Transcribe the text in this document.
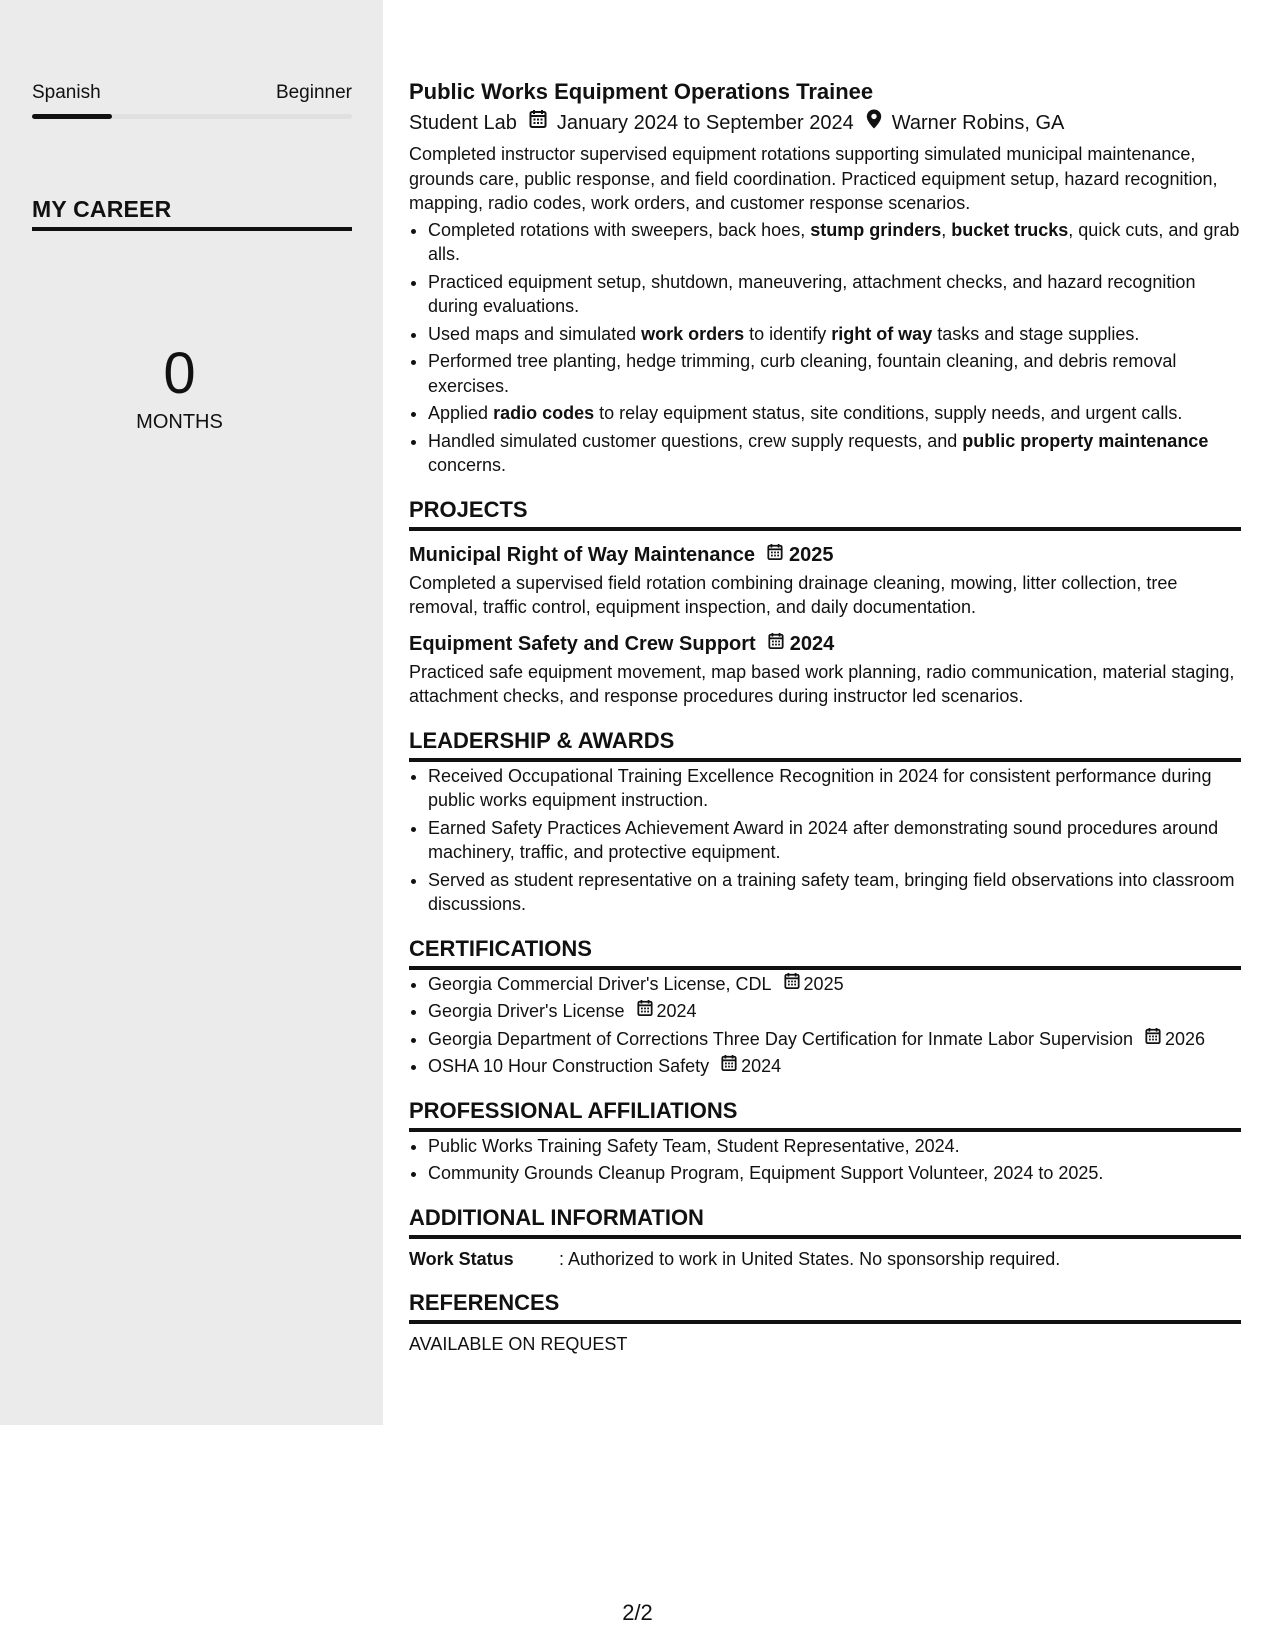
Spanish	Beginner
MY CAREER
0
MONTHS
Public Works Equipment Operations Trainee
Student Lab January 2024 to September 2024 Warner Robins, GA

Completed instructor supervised equipment rotations supporting simulated municipal maintenance, grounds care, public response, and field coordination. Practiced equipment setup, hazard recognition, mapping, radio codes, work orders, and customer response scenarios.

• Completed rotations with sweepers, back hoes, stump grinders, bucket trucks, quick cuts, and grab alls.
• Practiced equipment setup, shutdown, maneuvering, attachment checks, and hazard recognition during evaluations.
• Used maps and simulated work orders to identify right of way tasks and stage supplies.
• Performed tree planting, hedge trimming, curb cleaning, fountain cleaning, and debris removal exercises.
• Applied radio codes to relay equipment status, site conditions, supply needs, and urgent calls.
• Handled simulated customer questions, crew supply requests, and public property maintenance concerns.
PROJECTS
Municipal Right of Way Maintenance 2025

Completed a supervised field rotation combining drainage cleaning, mowing, litter collection, tree removal, traffic control, equipment inspection, and daily documentation.

Equipment Safety and Crew Support 2024

Practiced safe equipment movement, map based work planning, radio communication, material staging, attachment checks, and response procedures during instructor led scenarios.

LEADERSHIP & AWARDS
• Received Occupational Training Excellence Recognition in 2024 for consistent performance during public works equipment instruction.
• Earned Safety Practices Achievement Award in 2024 after demonstrating sound procedures around machinery, traffic, and protective equipment.
• Served as student representative on a training safety team, bringing field observations into classroom discussions.
CERTIFICATIONS
• Georgia Commercial Driver's License, CDL 2025
• Georgia Driver's License 2024
• Georgia Department of Corrections Three Day Certification for Inmate Labor Supervision 2026
• OSHA 10 Hour Construction Safety 2024
PROFESSIONAL AFFILIATIONS
• Public Works Training Safety Team, Student Representative, 2024.
• Community Grounds Cleanup Program, Equipment Support Volunteer, 2024 to 2025.
ADDITIONAL INFORMATION
Work Status	: Authorized to work in United States. No sponsorship required.
REFERENCES
AVAILABLE ON REQUEST
2/2
